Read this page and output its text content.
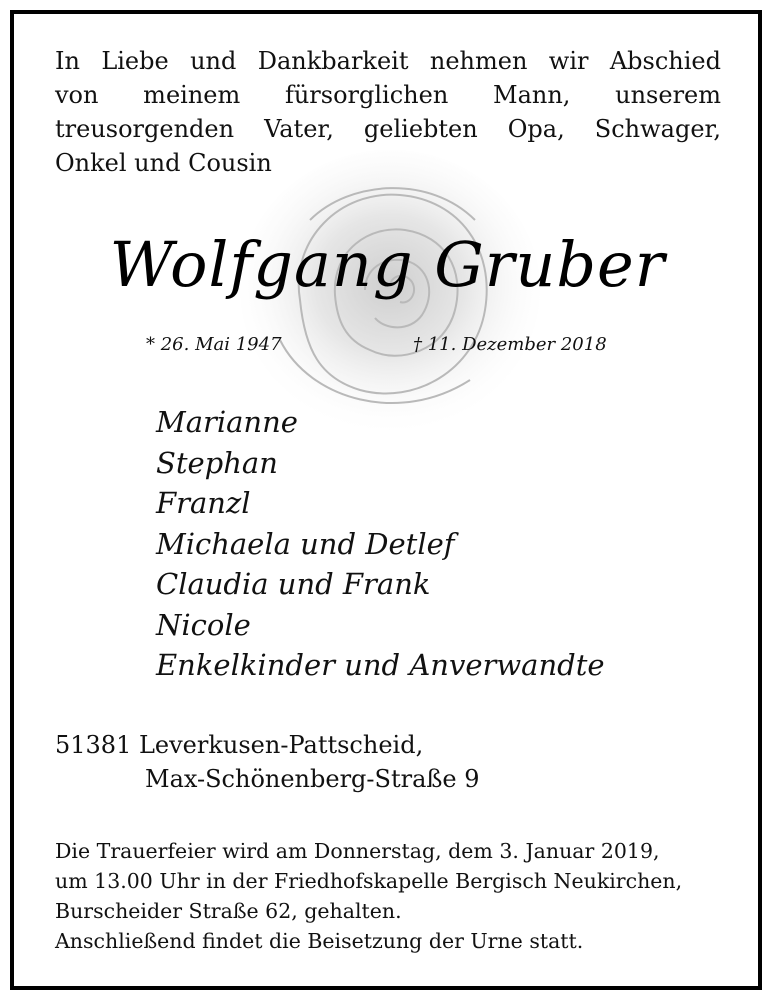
In Liebe und Dankbarkeit nehmen wir Abschied
von meinem fürsorglichen Mann, unserem
treusorgenden Vater, geliebten Opa, Schwager,
Onkel und Cousin
Wolfgang Gruber
* 26. Mai 1947	† 11. Dezember 2018
Marianne
Stephan
Franzl
Michaela und Detlef
Claudia und Frank
Nicole
Enkelkinder und Anverwandte
51381 Leverkusen-Pattscheid,
Max-Schönenberg-Straße 9
Die Trauerfeier wird am Donnerstag, dem 3. Januar 2019,
um 13.00 Uhr in der Friedhofskapelle Bergisch Neukirchen,
Burscheider Straße 62, gehalten.
Anschließend findet die Beisetzung der Urne statt.
